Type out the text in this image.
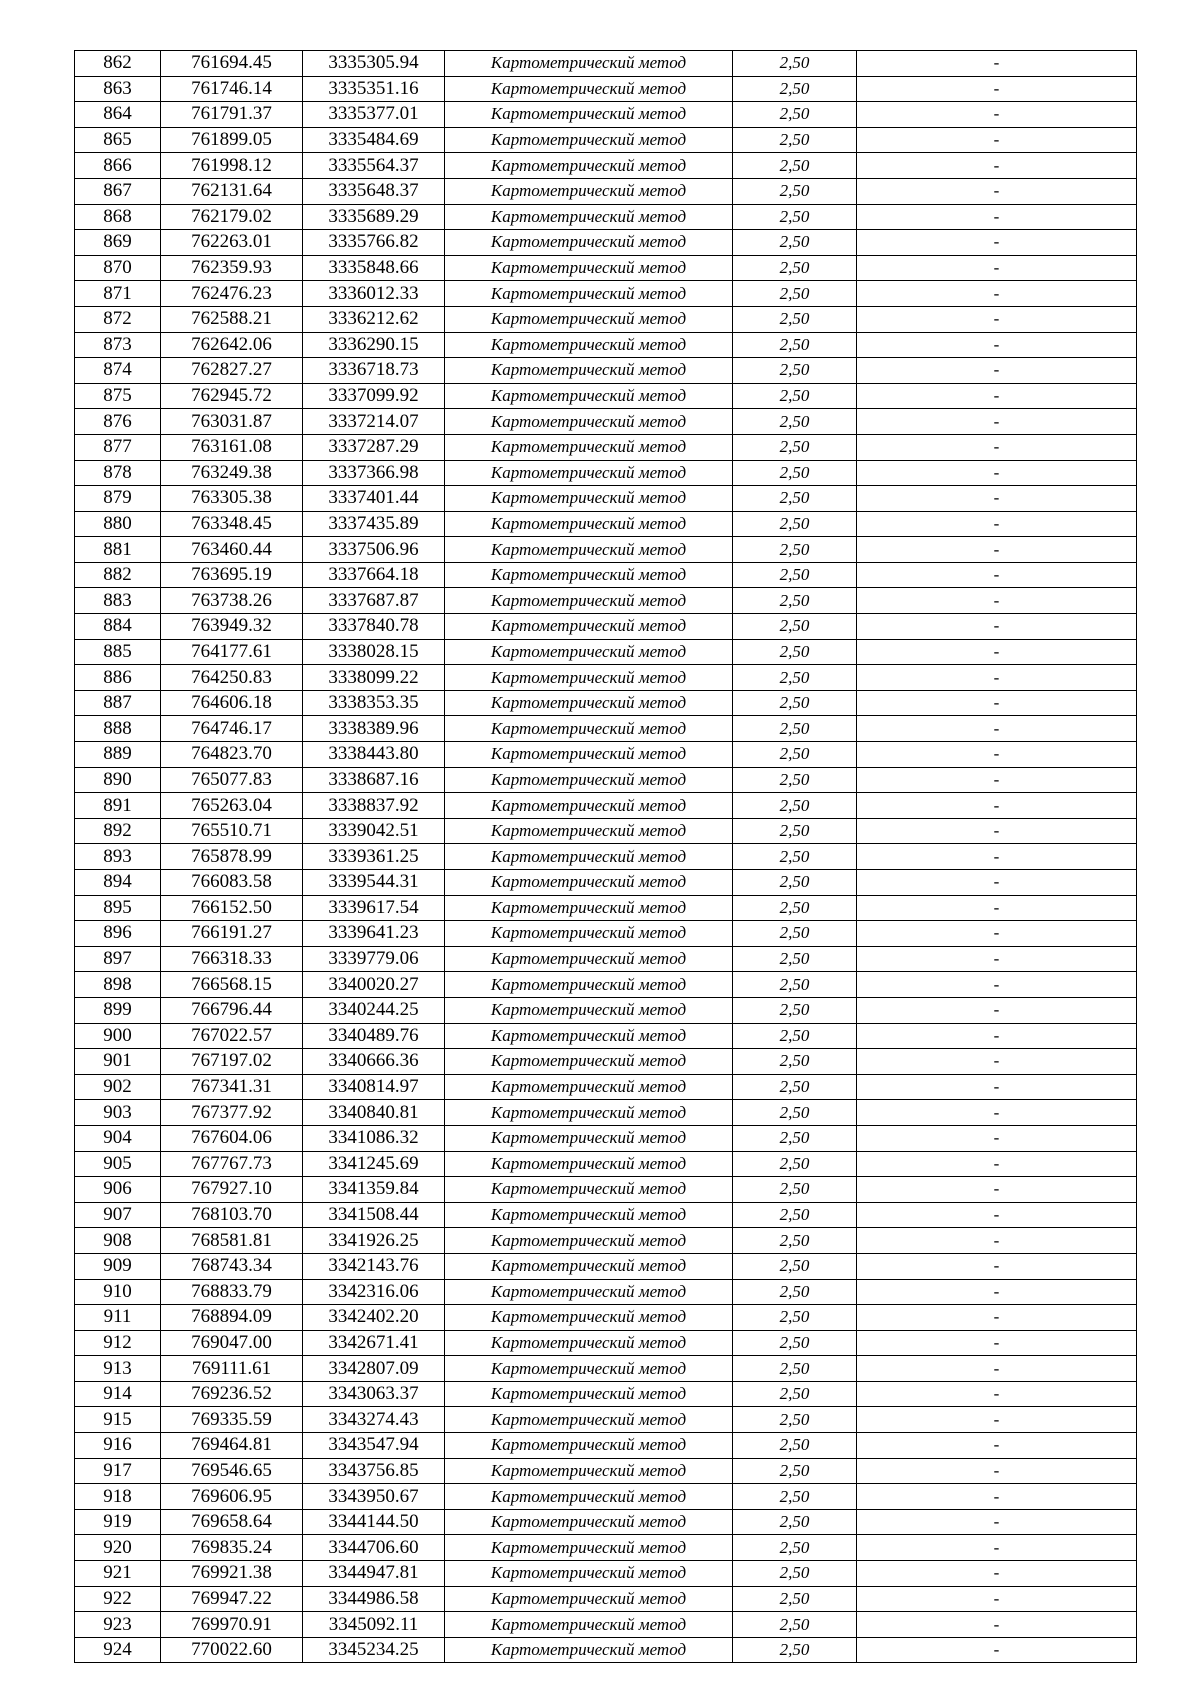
862	761694.45	3335305.94	Картометрический метод	2,50	-
863	761746.14	3335351.16	Картометрический метод	2,50	-
864	761791.37	3335377.01	Картометрический метод	2,50	-
865	761899.05	3335484.69	Картометрический метод	2,50	-
866	761998.12	3335564.37	Картометрический метод	2,50	-
867	762131.64	3335648.37	Картометрический метод	2,50	-
868	762179.02	3335689.29	Картометрический метод	2,50	-
869	762263.01	3335766.82	Картометрический метод	2,50	-
870	762359.93	3335848.66	Картометрический метод	2,50	-
871	762476.23	3336012.33	Картометрический метод	2,50	-
872	762588.21	3336212.62	Картометрический метод	2,50	-
873	762642.06	3336290.15	Картометрический метод	2,50	-
874	762827.27	3336718.73	Картометрический метод	2,50	-
875	762945.72	3337099.92	Картометрический метод	2,50	-
876	763031.87	3337214.07	Картометрический метод	2,50	-
877	763161.08	3337287.29	Картометрический метод	2,50	-
878	763249.38	3337366.98	Картометрический метод	2,50	-
879	763305.38	3337401.44	Картометрический метод	2,50	-
880	763348.45	3337435.89	Картометрический метод	2,50	-
881	763460.44	3337506.96	Картометрический метод	2,50	-
882	763695.19	3337664.18	Картометрический метод	2,50	-
883	763738.26	3337687.87	Картометрический метод	2,50	-
884	763949.32	3337840.78	Картометрический метод	2,50	-
885	764177.61	3338028.15	Картометрический метод	2,50	-
886	764250.83	3338099.22	Картометрический метод	2,50	-
887	764606.18	3338353.35	Картометрический метод	2,50	-
888	764746.17	3338389.96	Картометрический метод	2,50	-
889	764823.70	3338443.80	Картометрический метод	2,50	-
890	765077.83	3338687.16	Картометрический метод	2,50	-
891	765263.04	3338837.92	Картометрический метод	2,50	-
892	765510.71	3339042.51	Картометрический метод	2,50	-
893	765878.99	3339361.25	Картометрический метод	2,50	-
894	766083.58	3339544.31	Картометрический метод	2,50	-
895	766152.50	3339617.54	Картометрический метод	2,50	-
896	766191.27	3339641.23	Картометрический метод	2,50	-
897	766318.33	3339779.06	Картометрический метод	2,50	-
898	766568.15	3340020.27	Картометрический метод	2,50	-
899	766796.44	3340244.25	Картометрический метод	2,50	-
900	767022.57	3340489.76	Картометрический метод	2,50	-
901	767197.02	3340666.36	Картометрический метод	2,50	-
902	767341.31	3340814.97	Картометрический метод	2,50	-
903	767377.92	3340840.81	Картометрический метод	2,50	-
904	767604.06	3341086.32	Картометрический метод	2,50	-
905	767767.73	3341245.69	Картометрический метод	2,50	-
906	767927.10	3341359.84	Картометрический метод	2,50	-
907	768103.70	3341508.44	Картометрический метод	2,50	-
908	768581.81	3341926.25	Картометрический метод	2,50	-
909	768743.34	3342143.76	Картометрический метод	2,50	-
910	768833.79	3342316.06	Картометрический метод	2,50	-
911	768894.09	3342402.20	Картометрический метод	2,50	-
912	769047.00	3342671.41	Картометрический метод	2,50	-
913	769111.61	3342807.09	Картометрический метод	2,50	-
914	769236.52	3343063.37	Картометрический метод	2,50	-
915	769335.59	3343274.43	Картометрический метод	2,50	-
916	769464.81	3343547.94	Картометрический метод	2,50	-
917	769546.65	3343756.85	Картометрический метод	2,50	-
918	769606.95	3343950.67	Картометрический метод	2,50	-
919	769658.64	3344144.50	Картометрический метод	2,50	-
920	769835.24	3344706.60	Картометрический метод	2,50	-
921	769921.38	3344947.81	Картометрический метод	2,50	-
922	769947.22	3344986.58	Картометрический метод	2,50	-
923	769970.91	3345092.11	Картометрический метод	2,50	-
924	770022.60	3345234.25	Картометрический метод	2,50	-
